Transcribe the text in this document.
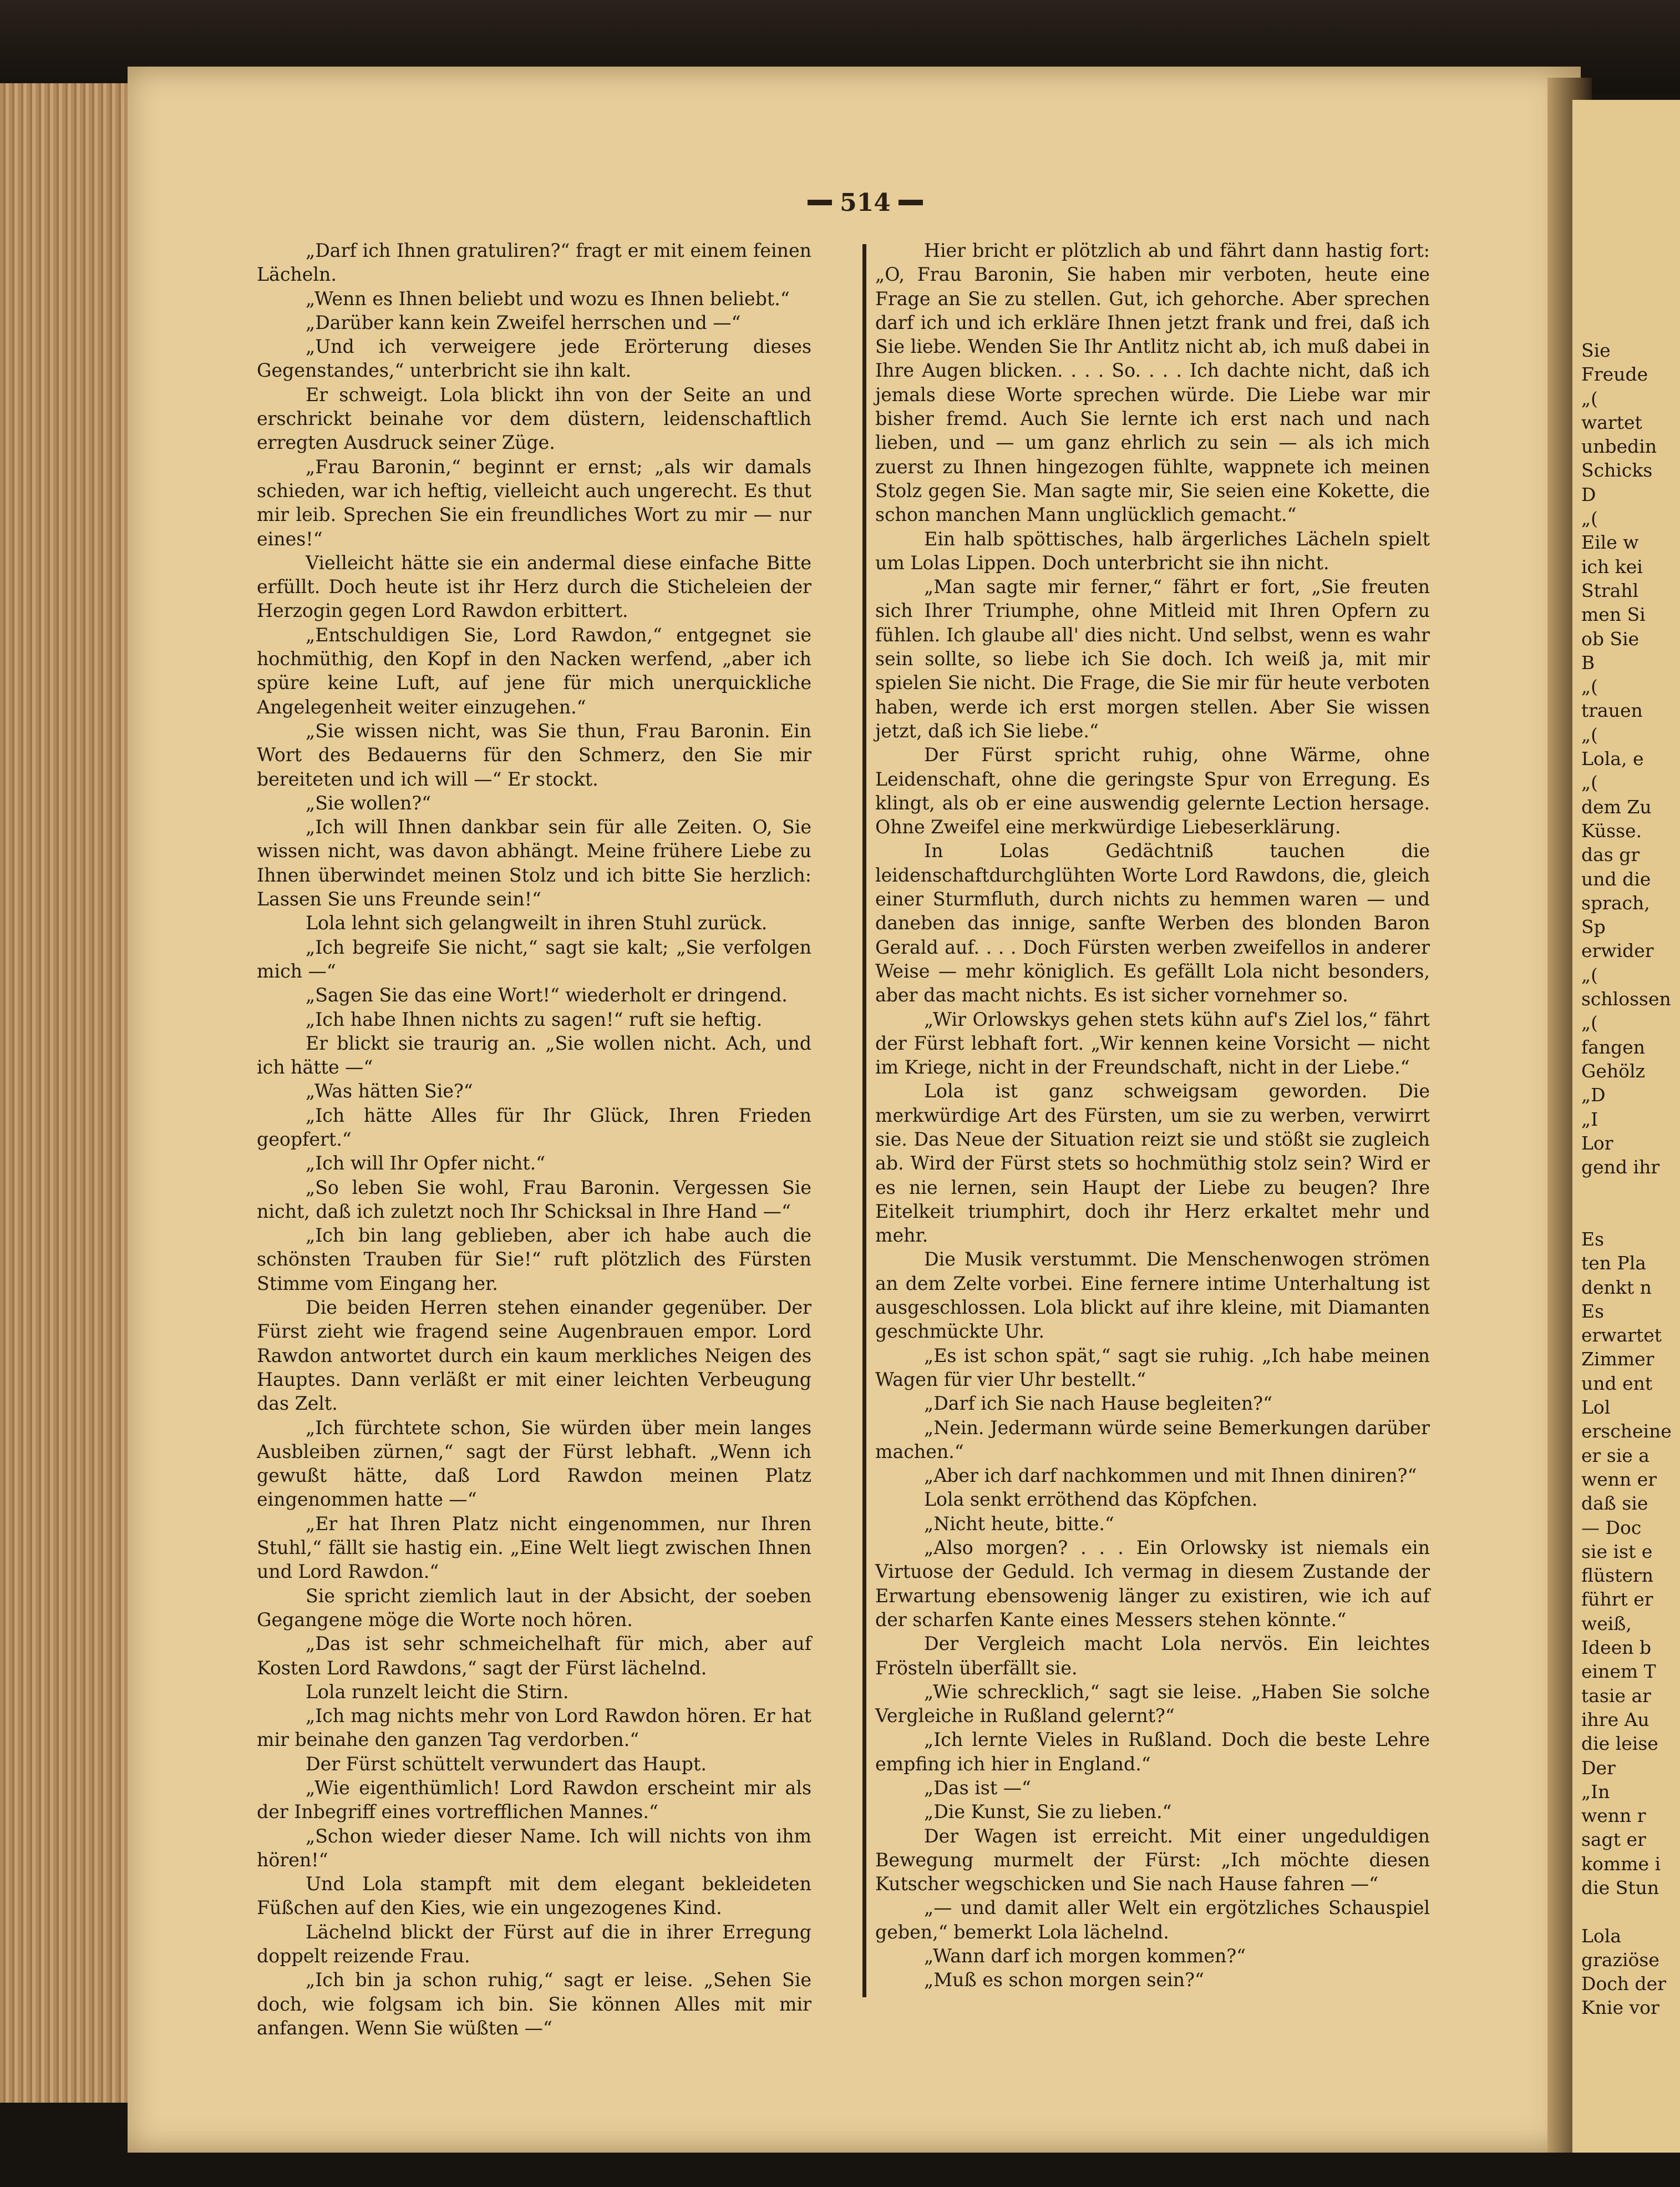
Sie
Freude
„(
wartet
unbedin
Schicks
D
„(
Eile w
ich kei
Strahl
men Si
ob Sie
B
„(
trauen
„(
Lola, e
„(
dem Zu
Küsse.
das gr
und die
sprach,
Sp
erwider
„(
schlossen
„(
fangen
Gehölz
„D
„I
Lor
gend ihr
Es
ten Pla
denkt n
Es
erwartet
Zimmer
und ent
Lol
erscheine
er sie a
wenn er
daß sie
— Doc
sie ist e
flüstern
führt er
weiß,
Ideen b
einem T
tasie ar
ihre Au
die leise
Der
„In
wenn r
sagt er
komme i
die Stun
Lola
graziöse
Doch der
Knie vor
514

„Darf ich Ihnen gratuliren?“ fragt er mit einem feinen Lächeln.

„Wenn es Ihnen beliebt und wozu es Ihnen beliebt.“

„Darüber kann kein Zweifel herrschen und —“

„Und ich verweigere jede Erörterung dieses Gegenstandes,“ unterbricht sie ihn kalt.

Er schweigt. Lola blickt ihn von der Seite an und erschrickt beinahe vor dem düstern, leidenschaftlich erregten Ausdruck seiner Züge.

„Frau Baronin,“ beginnt er ernst; „als wir damals schieden, war ich heftig, vielleicht auch ungerecht. Es thut mir leib. Sprechen Sie ein freundliches Wort zu mir — nur eines!“

Vielleicht hätte sie ein andermal diese einfache Bitte erfüllt. Doch heute ist ihr Herz durch die Sticheleien der Herzogin gegen Lord Rawdon erbittert.

„Entschuldigen Sie, Lord Rawdon,“ entgegnet sie hochmüthig, den Kopf in den Nacken werfend, „aber ich spüre keine Luft, auf jene für mich unerquickliche Angelegenheit weiter einzugehen.“

„Sie wissen nicht, was Sie thun, Frau Baronin. Ein Wort des Bedauerns für den Schmerz, den Sie mir bereiteten und ich will —“ Er stockt.

„Sie wollen?“

„Ich will Ihnen dankbar sein für alle Zeiten. O, Sie wissen nicht, was davon abhängt. Meine frühere Liebe zu Ihnen überwindet meinen Stolz und ich bitte Sie herzlich: Lassen Sie uns Freunde sein!“

Lola lehnt sich gelangweilt in ihren Stuhl zurück.

„Ich begreife Sie nicht,“ sagt sie kalt; „Sie verfolgen mich —“

„Sagen Sie das eine Wort!“ wiederholt er dringend.

„Ich habe Ihnen nichts zu sagen!“ ruft sie heftig.

Er blickt sie traurig an. „Sie wollen nicht. Ach, und ich hätte —“

„Was hätten Sie?“

„Ich hätte Alles für Ihr Glück, Ihren Frieden geopfert.“

„Ich will Ihr Opfer nicht.“

„So leben Sie wohl, Frau Baronin. Vergessen Sie nicht, daß ich zuletzt noch Ihr Schicksal in Ihre Hand —“

„Ich bin lang geblieben, aber ich habe auch die schönsten Trauben für Sie!“ ruft plötzlich des Fürsten Stimme vom Eingang her.

Die beiden Herren stehen einander gegenüber. Der Fürst zieht wie fragend seine Augenbrauen empor. Lord Rawdon antwortet durch ein kaum merkliches Neigen des Hauptes. Dann verläßt er mit einer leichten Verbeugung das Zelt.

„Ich fürchtete schon, Sie würden über mein langes Ausbleiben zürnen,“ sagt der Fürst lebhaft. „Wenn ich gewußt hätte, daß Lord Rawdon meinen Platz eingenommen hatte —“

„Er hat Ihren Platz nicht eingenommen, nur Ihren Stuhl,“ fällt sie hastig ein. „Eine Welt liegt zwischen Ihnen und Lord Rawdon.“

Sie spricht ziemlich laut in der Absicht, der soeben Gegangene möge die Worte noch hören.

„Das ist sehr schmeichelhaft für mich, aber auf Kosten Lord Rawdons,“ sagt der Fürst lächelnd.

Lola runzelt leicht die Stirn.

„Ich mag nichts mehr von Lord Rawdon hören. Er hat mir beinahe den ganzen Tag verdorben.“

Der Fürst schüttelt verwundert das Haupt.

„Wie eigenthümlich! Lord Rawdon erscheint mir als der Inbegriff eines vortrefflichen Mannes.“

„Schon wieder dieser Name. Ich will nichts von ihm hören!“

Und Lola stampft mit dem elegant bekleideten Füßchen auf den Kies, wie ein ungezogenes Kind.

Lächelnd blickt der Fürst auf die in ihrer Erregung doppelt reizende Frau.

„Ich bin ja schon ruhig,“ sagt er leise. „Sehen Sie doch, wie folgsam ich bin. Sie können Alles mit mir anfangen. Wenn Sie wüßten —“

Hier bricht er plötzlich ab und fährt dann hastig fort: „O, Frau Baronin, Sie haben mir verboten, heute eine Frage an Sie zu stellen. Gut, ich gehorche. Aber sprechen darf ich und ich erkläre Ihnen jetzt frank und frei, daß ich Sie liebe. Wenden Sie Ihr Antlitz nicht ab, ich muß dabei in Ihre Augen blicken. . . . So. . . . Ich dachte nicht, daß ich jemals diese Worte sprechen würde. Die Liebe war mir bisher fremd. Auch Sie lernte ich erst nach und nach lieben, und — um ganz ehrlich zu sein — als ich mich zuerst zu Ihnen hingezogen fühlte, wappnete ich meinen Stolz gegen Sie. Man sagte mir, Sie seien eine Kokette, die schon manchen Mann unglücklich gemacht.“

Ein halb spöttisches, halb ärgerliches Lächeln spielt um Lolas Lippen. Doch unterbricht sie ihn nicht.

„Man sagte mir ferner,“ fährt er fort, „Sie freuten sich Ihrer Triumphe, ohne Mitleid mit Ihren Opfern zu fühlen. Ich glaube all' dies nicht. Und selbst, wenn es wahr sein sollte, so liebe ich Sie doch. Ich weiß ja, mit mir spielen Sie nicht. Die Frage, die Sie mir für heute verboten haben, werde ich erst morgen stellen. Aber Sie wissen jetzt, daß ich Sie liebe.“

Der Fürst spricht ruhig, ohne Wärme, ohne Leidenschaft, ohne die geringste Spur von Erregung. Es klingt, als ob er eine auswendig gelernte Lection hersage. Ohne Zweifel eine merkwürdige Liebeserklärung.

In Lolas Gedächtniß tauchen die leidenschaftdurchglühten Worte Lord Rawdons, die, gleich einer Sturmfluth, durch nichts zu hemmen waren — und daneben das innige, sanfte Werben des blonden Baron Gerald auf. . . . Doch Fürsten werben zweifellos in anderer Weise — mehr königlich. Es gefällt Lola nicht besonders, aber das macht nichts. Es ist sicher vornehmer so.

„Wir Orlowskys gehen stets kühn auf's Ziel los,“ fährt der Fürst lebhaft fort. „Wir kennen keine Vorsicht — nicht im Kriege, nicht in der Freundschaft, nicht in der Liebe.“

Lola ist ganz schweigsam geworden. Die merkwürdige Art des Fürsten, um sie zu werben, verwirrt sie. Das Neue der Situation reizt sie und stößt sie zugleich ab. Wird der Fürst stets so hochmüthig stolz sein? Wird er es nie lernen, sein Haupt der Liebe zu beugen? Ihre Eitelkeit triumphirt, doch ihr Herz erkaltet mehr und mehr.

Die Musik verstummt. Die Menschenwogen strömen an dem Zelte vorbei. Eine fernere intime Unterhaltung ist ausgeschlossen. Lola blickt auf ihre kleine, mit Diamanten geschmückte Uhr.

„Es ist schon spät,“ sagt sie ruhig. „Ich habe meinen Wagen für vier Uhr bestellt.“

„Darf ich Sie nach Hause begleiten?“

„Nein. Jedermann würde seine Bemerkungen darüber machen.“

„Aber ich darf nachkommen und mit Ihnen diniren?“

Lola senkt erröthend das Köpfchen.

„Nicht heute, bitte.“

„Also morgen? . . . Ein Orlowsky ist niemals ein Virtuose der Geduld. Ich vermag in diesem Zustande der Erwartung ebensowenig länger zu existiren, wie ich auf der scharfen Kante eines Messers stehen könnte.“

Der Vergleich macht Lola nervös. Ein leichtes Frösteln überfällt sie.

„Wie schrecklich,“ sagt sie leise. „Haben Sie solche Vergleiche in Rußland gelernt?“

„Ich lernte Vieles in Rußland. Doch die beste Lehre empfing ich hier in England.“

„Das ist —“

„Die Kunst, Sie zu lieben.“

Der Wagen ist erreicht. Mit einer ungeduldigen Bewegung murmelt der Fürst: „Ich möchte diesen Kutscher wegschicken und Sie nach Hause fahren —“

„— und damit aller Welt ein ergötzliches Schauspiel geben,“ bemerkt Lola lächelnd.

„Wann darf ich morgen kommen?“

„Muß es schon morgen sein?“
